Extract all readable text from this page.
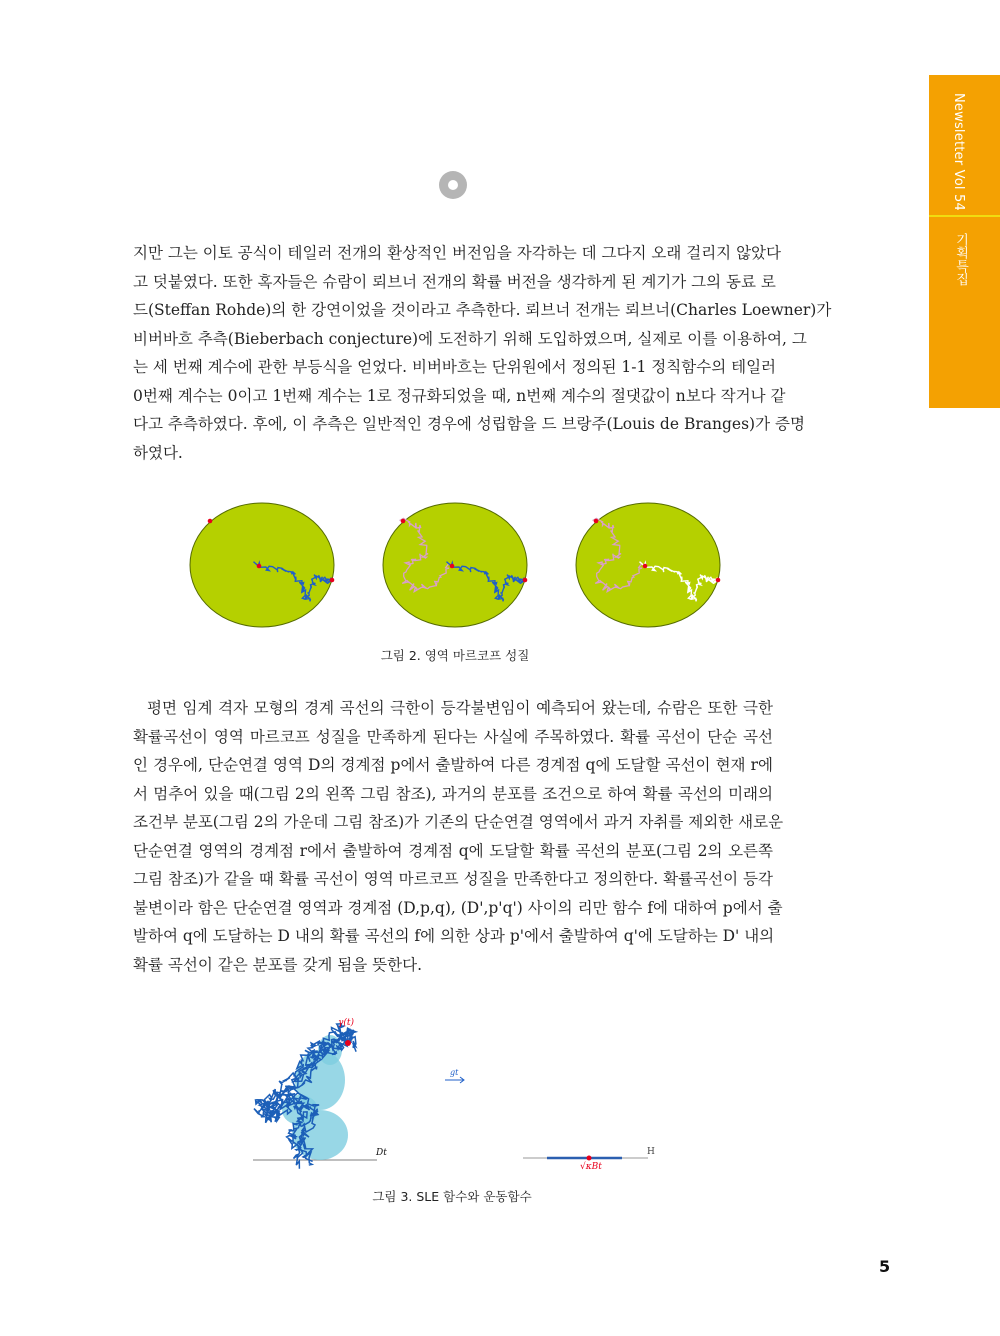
Newsletter Vol 54
기획특집
지만 그는 이토 공식이 테일러 전개의 환상적인 버전임을 자각하는 데 그다지 오래 걸리지 않았다
고 덧붙였다. 또한 혹자들은 슈람이 뢰브너 전개의 확률 버전을 생각하게 된 계기가 그의 동료 로
드(Steffan Rohde)의 한 강연이었을 것이라고 추측한다. 뢰브너 전개는 뢰브너(Charles Loewner)가
비버바흐 추측(Bieberbach conjecture)에 도전하기 위해 도입하였으며, 실제로 이를 이용하여, 그
는 세 번째 계수에 관한 부등식을 얻었다. 비버바흐는 단위원에서 정의된 1-1 정칙함수의 테일러
0번째 계수는 0이고 1번째 계수는 1로 정규화되었을 때, n번째 계수의 절댓값이 n보다 작거나 같
다고 추측하였다. 후에, 이 추측은 일반적인 경우에 성립함을 드 브랑주(Louis de Branges)가 증명
하였다.
그림 2. 영역 마르코프 성질
평면 임계 격자 모형의 경계 곡선의 극한이 등각불변임이 예측되어 왔는데, 슈람은 또한 극한
확률곡선이 영역 마르코프 성질을 만족하게 된다는 사실에 주목하였다. 확률 곡선이 단순 곡선
인 경우에, 단순연결 영역 D의 경계점 p에서 출발하여 다른 경계점 q에 도달할 곡선이 현재 r에
서 멈추어 있을 때(그림 2의 왼쪽 그림 참조), 과거의 분포를 조건으로 하여 확률 곡선의 미래의
조건부 분포(그림 2의 가운데 그림 참조)가 기존의 단순연결 영역에서 과거 자취를 제외한 새로운
단순연결 영역의 경계점 r에서 출발하여 경계점 q에 도달할 확률 곡선의 분포(그림 2의 오른쪽
그림 참조)가 같을 때 확률 곡선이 영역 마르코프 성질을 만족한다고 정의한다. 확률곡선이 등각
불변이라 함은 단순연결 영역과 경계점 (D,p,q), (D',p'q') 사이의 리만 함수 f에 대하여 p에서 출
발하여 q에 도달하는 D 내의 확률 곡선의 f에 의한 상과 p'에서 출발하여 q'에 도달하는 D' 내의
확률 곡선이 같은 분포를 갖게 됨을 뜻한다.
γ(t)
Dt
gt
H
√κBt
그림 3. SLE 함수와 운동함수
5
